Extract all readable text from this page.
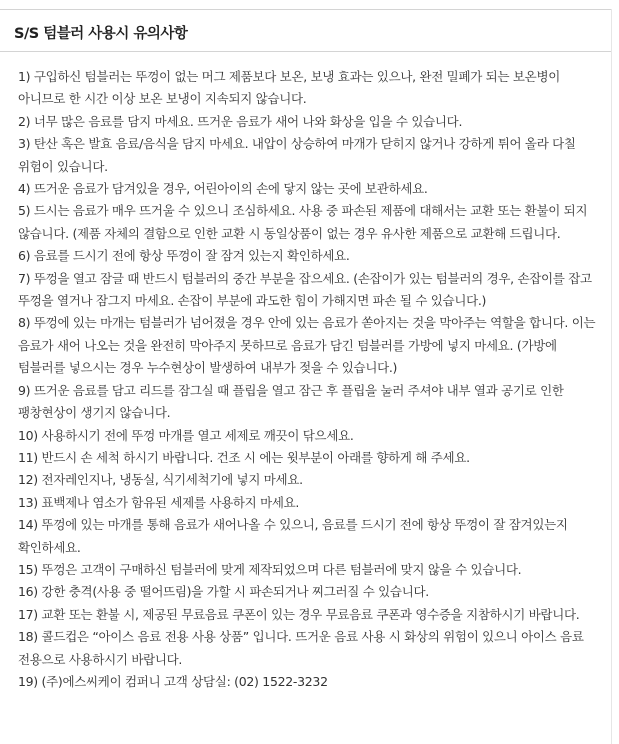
S/S 텀블러 사용시 유의사항
1) 구입하신 텀블러는 뚜껑이 없는 머그 제품보다 보온, 보냉 효과는 있으나, 완전 밀폐가 되는 보온병이 아니므로 한 시간 이상 보온 보냉이 지속되지 않습니다.
2) 너무 많은 음료를 담지 마세요. 뜨거운 음료가 새어 나와 화상을 입을 수 있습니다.
3) 탄산 혹은 발효 음료/음식을 담지 마세요. 내압이 상승하여 마개가 닫히지 않거나 강하게 튀어 올라 다칠 위험이 있습니다.
4) 뜨거운 음료가 담겨있을 경우, 어린아이의 손에 닿지 않는 곳에 보관하세요.
5) 드시는 음료가 매우 뜨거울 수 있으니 조심하세요. 사용 중 파손된 제품에 대해서는 교환 또는 환불이 되지 않습니다. (제품 자체의 결함으로 인한 교환 시 동일상품이 없는 경우 유사한 제품으로 교환해 드립니다.
6) 음료를 드시기 전에 항상 뚜껑이 잘 잠겨 있는지 확인하세요.
7) 뚜껑을 열고 잠글 때 반드시 텀블러의 중간 부분을 잡으세요. (손잡이가 있는 텀블러의 경우, 손잡이를 잡고 뚜껑을 열거나 잠그지 마세요. 손잡이 부분에 과도한 힘이 가해지면 파손 될 수 있습니다.)
8) 뚜껑에 있는 마개는 텀블러가 넘어졌을 경우 안에 있는 음료가 쏟아지는 것을 막아주는 역할을 합니다. 이는 음료가 새어 나오는 것을 완전히 막아주지 못하므로 음료가 담긴 텀블러를 가방에 넣지 마세요. (가방에 텀블러를 넣으시는 경우 누수현상이 발생하여 내부가 젖을 수 있습니다.)
9) 뜨거운 음료를 담고 리드를 잠그실 때 플립을 열고 잠근 후 플립을 눌러 주셔야 내부 열과 공기로 인한 팽창현상이 생기지 않습니다.
10) 사용하시기 전에 뚜껑 마개를 열고 세제로 깨끗이 닦으세요.
11) 반드시 손 세척 하시기 바랍니다. 건조 시 에는 윗부분이 아래를 향하게 해 주세요.
12) 전자레인지나, 냉동실, 식기세척기에 넣지 마세요.
13) 표백제나 염소가 함유된 세제를 사용하지 마세요.
14) 뚜껑에 있는 마개를 통해 음료가 새어나올 수 있으니, 음료를 드시기 전에 항상 뚜껑이 잘 잠겨있는지 확인하세요.
15) 뚜껑은 고객이 구매하신 텀블러에 맞게 제작되었으며 다른 텀블러에 맞지 않을 수 있습니다.
16) 강한 충격(사용 중 떨어뜨림)을 가할 시 파손되거나 찌그러질 수 있습니다.
17) 교환 또는 환불 시, 제공된 무료음료 쿠폰이 있는 경우 무료음료 쿠폰과 영수증을 지참하시기 바랍니다.
18) 콜드컵은 “아이스 음료 전용 사용 상품” 입니다. 뜨거운 음료 사용 시 화상의 위험이 있으니 아이스 음료 전용으로 사용하시기 바랍니다.
19) (주)에스씨케이 컴퍼니 고객 상담실: (02) 1522-3232
